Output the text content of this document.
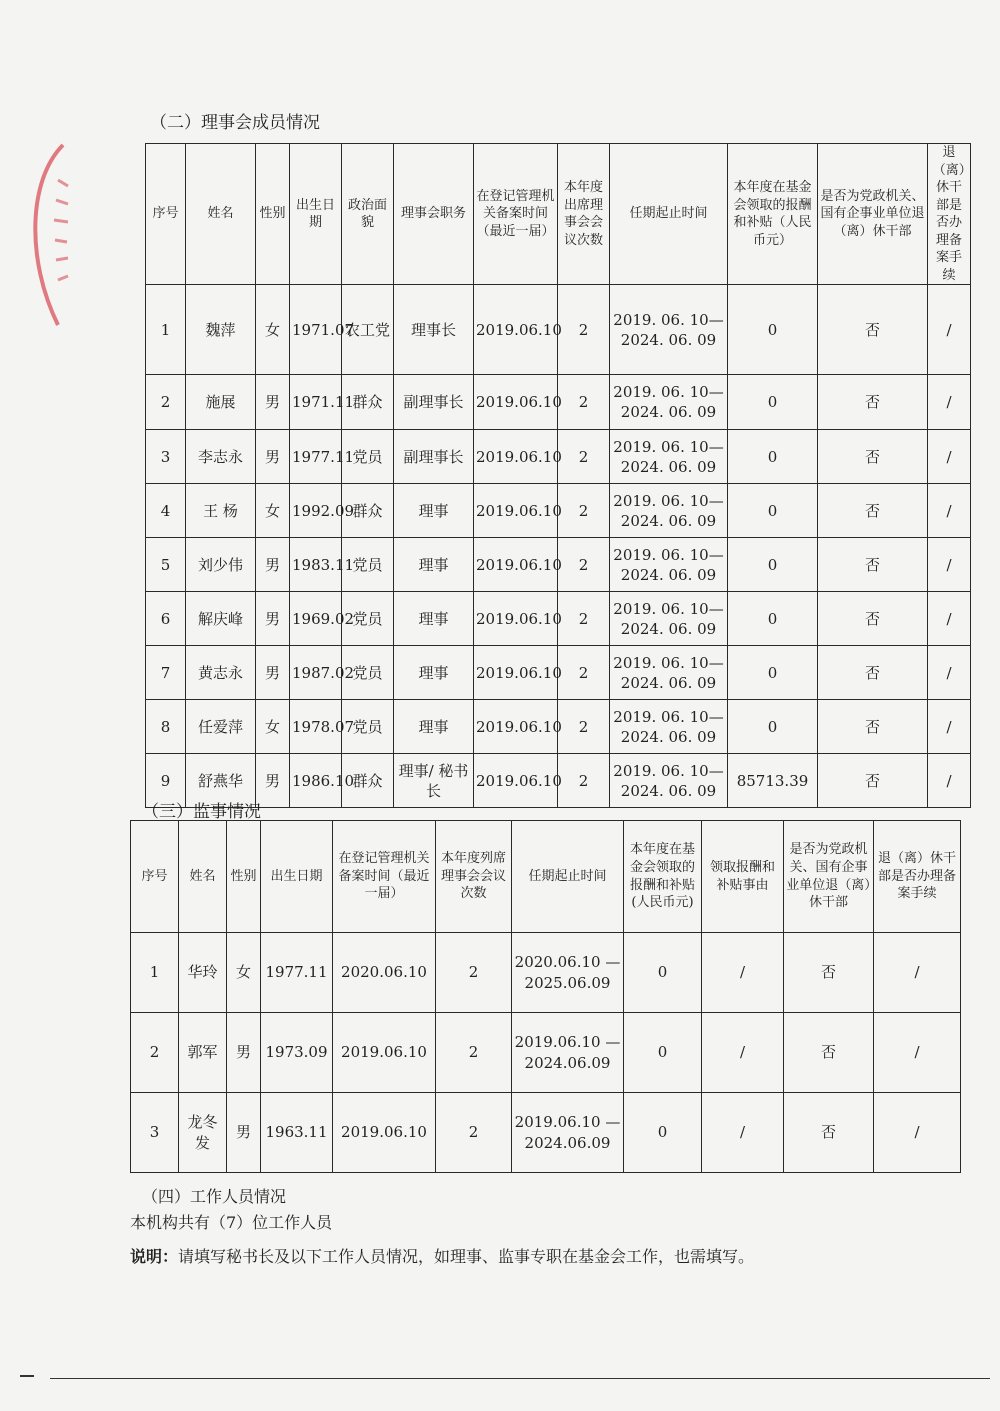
（二）理事会成员情况
序号	姓名	性别	出生日期	政治面貌	理事会职务	在登记管理机关备案时间（最近一届）	本年度出席理事会会议次数	任期起止时间	本年度在基金会领取的报酬和补贴（人民币元）	是否为党政机关、国有企事业单位退（离）休干部	退（离）休干部是否办理备案手续
1	魏萍	女	1971.07	农工党	理事长	2019.06.10	2	2019. 06. 10—2024. 06. 09	0	否	/
2	施展	男	1971.11	群众	副理事长	2019.06.10	2	2019. 06. 10—2024. 06. 09	0	否	/
3	李志永	男	1977.11	党员	副理事长	2019.06.10	2	2019. 06. 10—2024. 06. 09	0	否	/
4	王 杨	女	1992.09	群众	理事	2019.06.10	2	2019. 06. 10—2024. 06. 09	0	否	/
5	刘少伟	男	1983.11	党员	理事	2019.06.10	2	2019. 06. 10—2024. 06. 09	0	否	/
6	解庆峰	男	1969.02	党员	理事	2019.06.10	2	2019. 06. 10—2024. 06. 09	0	否	/
7	黄志永	男	1987.02	党员	理事	2019.06.10	2	2019. 06. 10—2024. 06. 09	0	否	/
8	任爱萍	女	1978.07	党员	理事	2019.06.10	2	2019. 06. 10—2024. 06. 09	0	否	/
9	舒燕华	男	1986.10	群众	理事/ 秘书长	2019.06.10	2	2019. 06. 10—2024. 06. 09	85713.39	否	/
（三）监事情况
序号	姓名	性别	出生日期	在登记管理机关备案时间（最近一届）	本年度列席理事会会议次数	任期起止时间	本年度在基金会领取的报酬和补贴(人民币元)	领取报酬和补贴事由	是否为党政机关、国有企事业单位退（离）休干部	退（离）休干部是否办理备案手续
1	华玲	女	1977.11	2020.06.10	2	2020.06.10 — 2025.06.09	0	/	否	/
2	郭军	男	1973.09	2019.06.10	2	2019.06.10 — 2024.06.09	0	/	否	/
3	龙冬发	男	1963.11	2019.06.10	2	2019.06.10 — 2024.06.09	0	/	否	/
（四）工作人员情况
本机构共有（7）位工作人员
说明：请填写秘书长及以下工作人员情况，如理事、监事专职在基金会工作，也需填写。
